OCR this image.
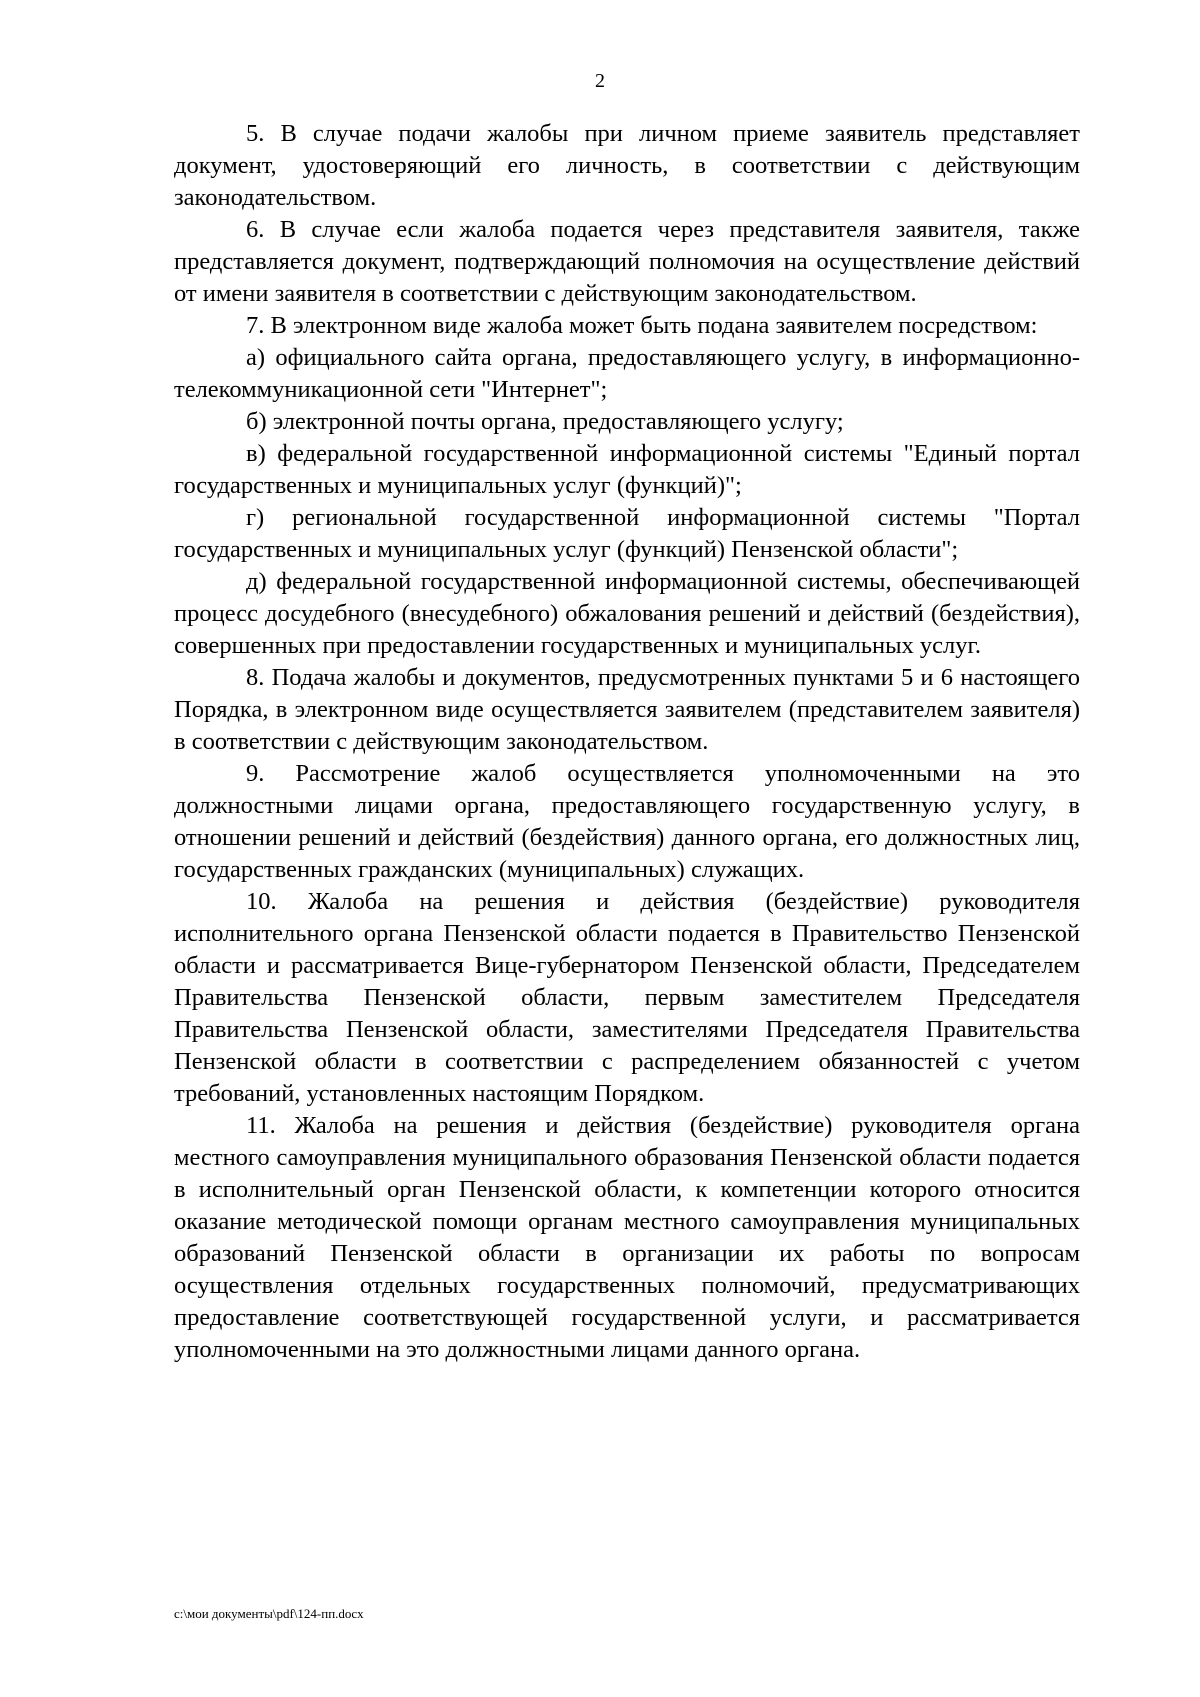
2

5. В случае подачи жалобы при личном приеме заявитель представляет документ, удостоверяющий его личность, в соответствии с действующим законодательством.

6. В случае если жалоба подается через представителя заявителя, также представляется документ, подтверждающий полномочия на осуществление действий от имени заявителя в соответствии с действующим законодательством.

7. В электронном виде жалоба может быть подана заявителем посредством:

а) официального сайта органа, предоставляющего услугу, в информационно-телекоммуникационной сети "Интернет";

б) электронной почты органа, предоставляющего услугу;

в) федеральной государственной информационной системы "Единый портал государственных и муниципальных услуг (функций)";

г) региональной государственной информационной системы "Портал государственных и муниципальных услуг (функций) Пензенской области";

д) федеральной государственной информационной системы, обеспечивающей процесс досудебного (внесудебного) обжалования решений и действий (бездействия), совершенных при предоставлении государственных и муниципальных услуг.

8. Подача жалобы и документов, предусмотренных пунктами 5 и 6 настоящего Порядка, в электронном виде осуществляется заявителем (представителем заявителя) в соответствии с действующим законодательством.

9. Рассмотрение жалоб осуществляется уполномоченными на это должностными лицами органа, предоставляющего государственную услугу, в отношении решений и действий (бездействия) данного органа, его должностных лиц, государственных гражданских (муниципальных) служащих.

10. Жалоба на решения и действия (бездействие) руководителя исполнительного органа Пензенской области подается в Правительство Пензенской области и рассматривается Вице-губернатором Пензенской области, Председателем Правительства Пензенской области, первым заместителем Председателя Правительства Пензенской области, заместителями Председателя Правительства Пензенской области в соответствии с распределением обязанностей с учетом требований, установленных настоящим Порядком.

11. Жалоба на решения и действия (бездействие) руководителя органа местного самоуправления муниципального образования Пензенской области подается в исполнительный орган Пензенской области, к компетенции которого относится оказание методической помощи органам местного самоуправления муниципальных образований Пензенской области в организации их работы по вопросам осуществления отдельных государственных полномочий, предусматривающих предоставление соответствующей государственной услуги, и рассматривается уполномоченными на это должностными лицами данного органа.

c:\мои документы\pdf\124-пп.docx
